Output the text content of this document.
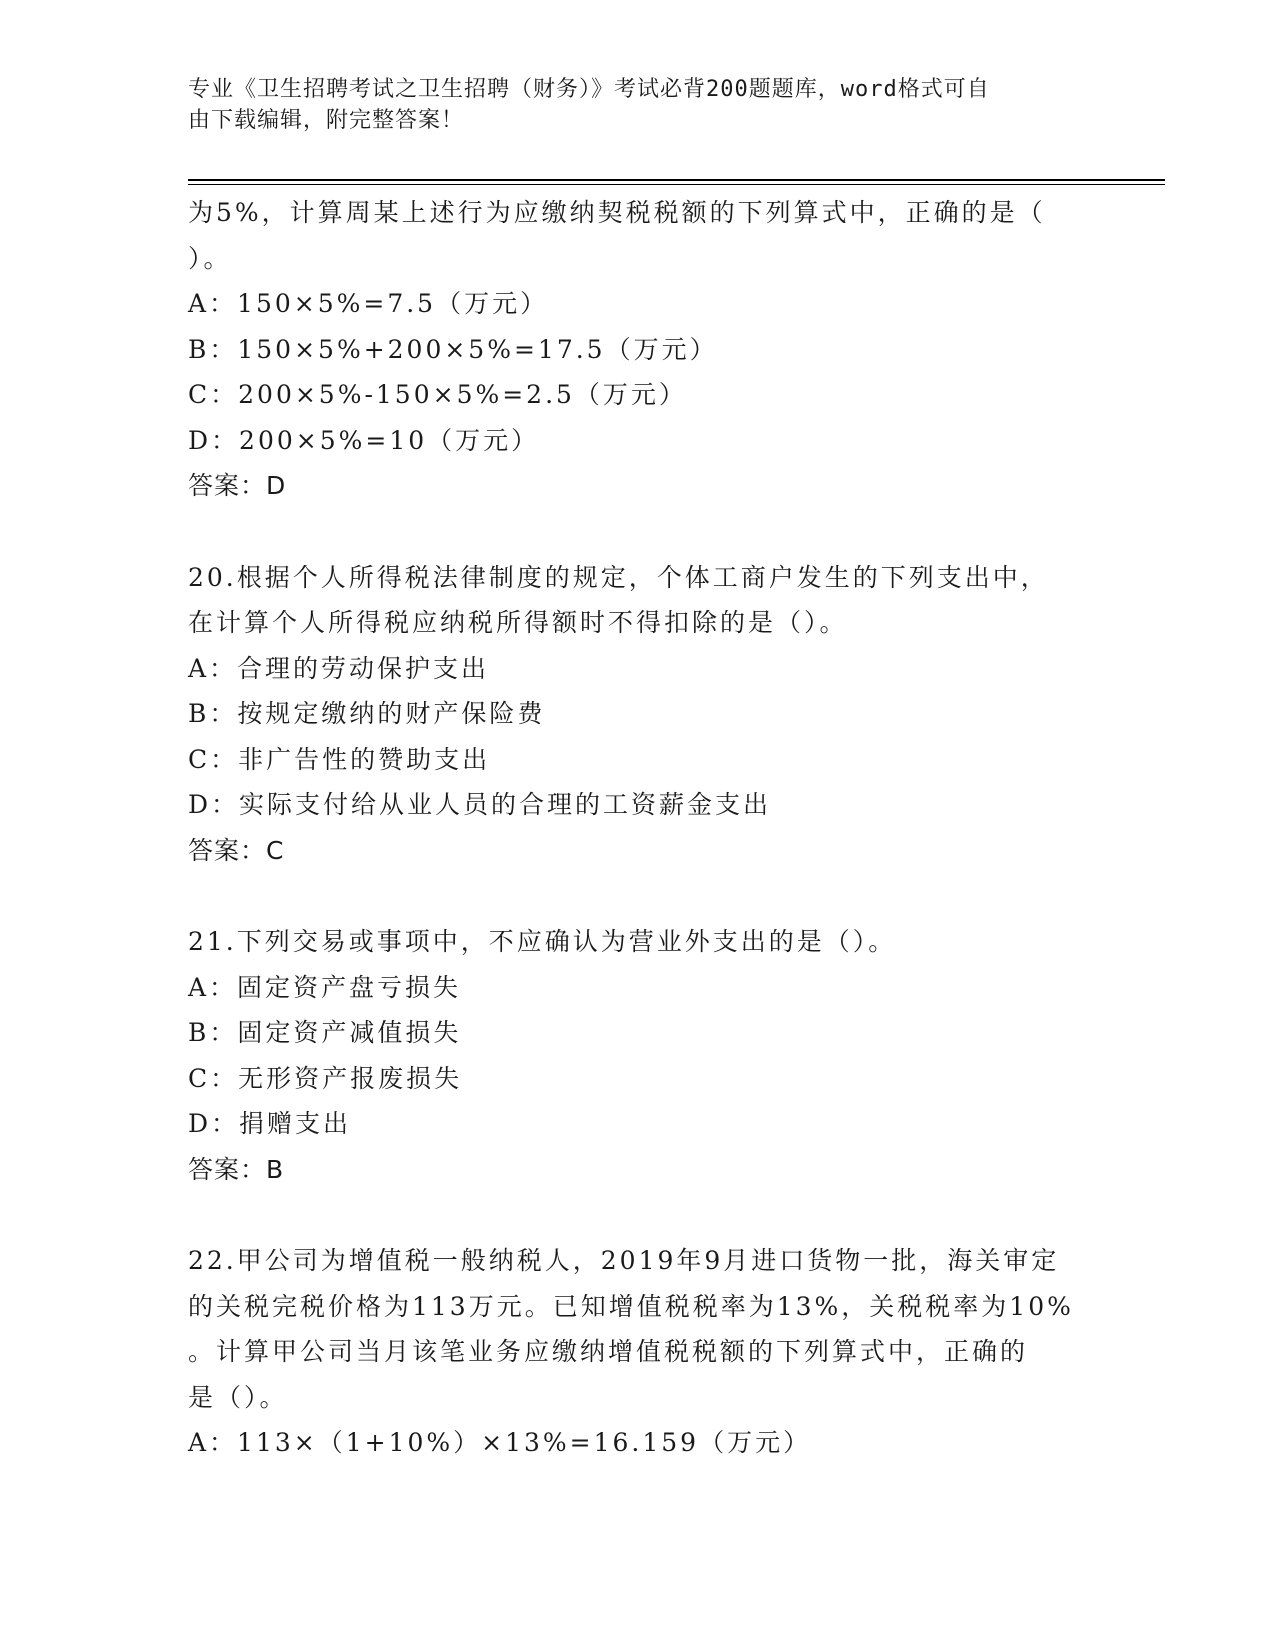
专业《卫生招聘考试之卫生招聘（财务）》考试必背200题题库，word格式可自
由下载编辑，附完整答案！
为5%，计算周某上述行为应缴纳契税税额的下列算式中，正确的是（
）。
A：150×5%=7.5（万元）
B：150×5%+200×5%=17.5（万元）
C：200×5%-150×5%=2.5（万元）
D：200×5%=10（万元）
答案：D
20.根据个人所得税法律制度的规定，个体工商户发生的下列支出中，
在计算个人所得税应纳税所得额时不得扣除的是（）。
A：合理的劳动保护支出
B：按规定缴纳的财产保险费
C：非广告性的赞助支出
D：实际支付给从业人员的合理的工资薪金支出
答案：C
21.下列交易或事项中，不应确认为营业外支出的是（）。
A：固定资产盘亏损失
B：固定资产减值损失
C：无形资产报废损失
D：捐赠支出
答案：B
22.甲公司为增值税一般纳税人，2019年9月进口货物一批，海关审定
的关税完税价格为113万元。已知增值税税率为13%，关税税率为10%
。计算甲公司当月该笔业务应缴纳增值税税额的下列算式中，正确的
是（）。
A：113×（1+10%）×13%=16.159（万元）
